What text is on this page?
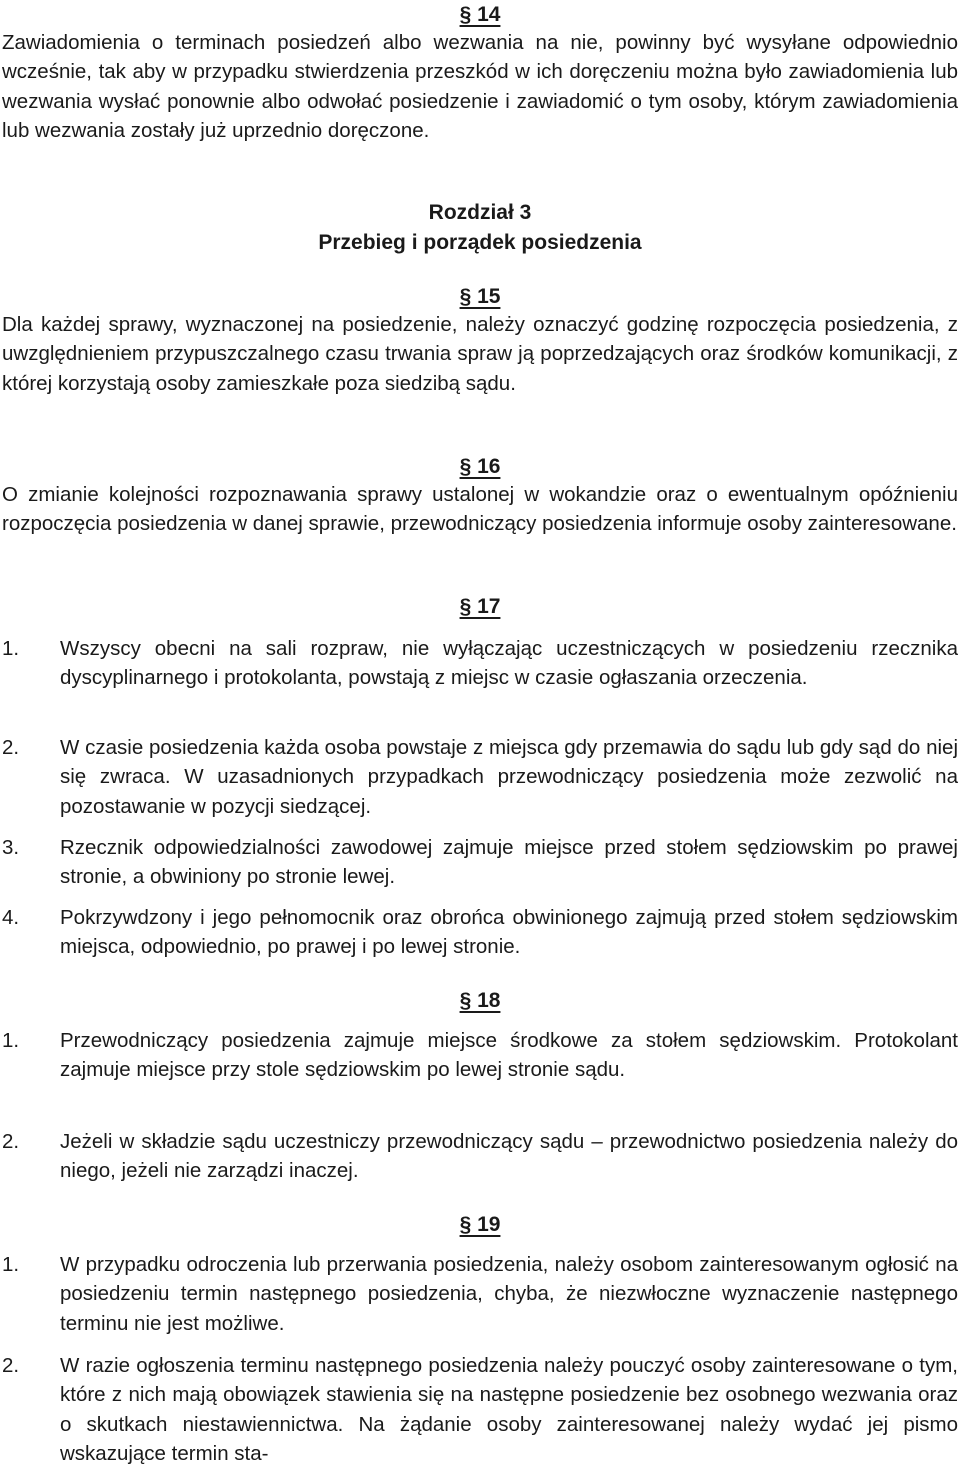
§ 14

Zawiadomienia o terminach posiedzeń albo wezwania na nie, powinny być wysyłane odpowiednio wcześnie, tak aby w przypadku stwierdzenia przeszkód w ich doręczeniu można było zawiadomienia lub wezwania wysłać ponownie albo odwołać posiedzenie i zawiadomić o tym osoby, którym zawiadomienia lub wezwania zostały już uprzednio doręczone.

Rozdział 3
Przebieg i porządek posiedzenia
§ 15

Dla każdej sprawy, wyznaczonej na posiedzenie, należy oznaczyć godzinę rozpoczęcia posiedzenia, z uwzględnieniem przypuszczalnego czasu trwania spraw ją poprzedzających oraz środków komunikacji, z której korzystają osoby zamieszkałe poza siedzibą sądu.

§ 16

O zmianie kolejności rozpoznawania sprawy ustalonej w wokandzie oraz o ewentualnym opóźnieniu rozpoczęcia posiedzenia w danej sprawie, przewodniczący posiedzenia informuje osoby zainteresowane.

§ 17
1. Wszyscy obecni na sali rozpraw, nie wyłączając uczestniczących w posiedzeniu rzecznika dyscyplinarnego i protokolanta, powstają z miejsc w czasie ogłaszania orzeczenia.
2. W czasie posiedzenia każda osoba powstaje z miejsca gdy przemawia do sądu lub gdy sąd do niej się zwraca. W uzasadnionych przypadkach przewodniczący posiedzenia może zezwolić na pozostawanie w pozycji siedzącej.
3. Rzecznik odpowiedzialności zawodowej zajmuje miejsce przed stołem sędziowskim po prawej stronie, a obwiniony po stronie lewej.
4. Pokrzywdzony i jego pełnomocnik oraz obrońca obwinionego zajmują przed stołem sędziowskim miejsca, odpowiednio, po prawej i po lewej stronie.
§ 18
1. Przewodniczący posiedzenia zajmuje miejsce środkowe za stołem sędziowskim. Protokolant zajmuje miejsce przy stole sędziowskim po lewej stronie sądu.
2. Jeżeli w składzie sądu uczestniczy przewodniczący sądu – przewodnictwo posiedzenia należy do niego, jeżeli nie zarządzi inaczej.
§ 19
1. W przypadku odroczenia lub przerwania posiedzenia, należy osobom zainteresowanym ogłosić na posiedzeniu termin następnego posiedzenia, chyba, że niezwłoczne wyznaczenie następnego terminu nie jest możliwe.
2. W razie ogłoszenia terminu następnego posiedzenia należy pouczyć osoby zainteresowane o tym, które z nich mają obowiązek stawienia się na następne posiedzenie bez osobnego wezwania oraz o skutkach niestawiennictwa. Na żądanie osoby zainteresowanej należy wydać jej pismo wskazujące termin sta-
